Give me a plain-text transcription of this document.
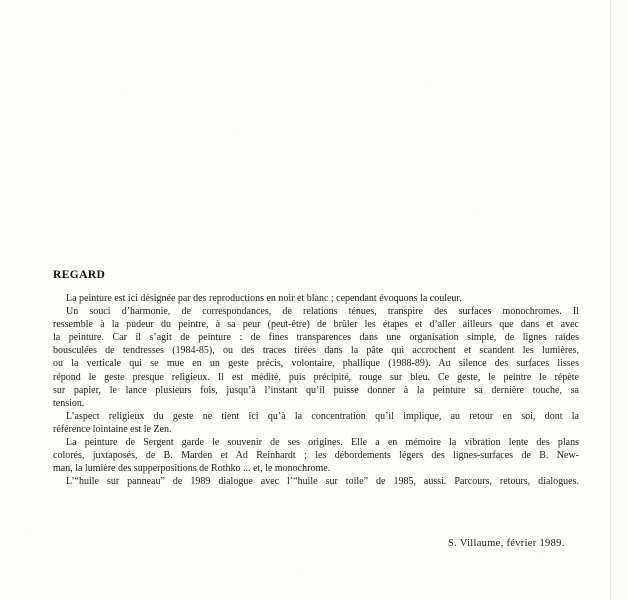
REGARD
La peinture est ici désignée par des reproductions en noir et blanc ; cependant évoquons la couleur.
Un souci d’harmonie, de correspondances, de relations ténues, transpire des surfaces monochromes. Il
ressemble à la pudeur du peintre, à sa peur (peut-être) de brûler les étapes et d’aller ailleurs que dans et avec
la peinture. Car il s’agit de peinture : de fines transparences dans une organisation simple, de lignes raides
bousculées de tendresses (1984-85), ou des traces tirées dans la pâte qui accrochent et scandent les lumières,
ou la verticale qui se mue en un geste précis, volontaire, phallique (1988-89). Au silence des surfaces lisses
répond le geste presque religieux. Il est médité, puis précipité, rouge sur bleu. Ce geste, le peintre le répète
sur papier, le lance plusieurs fois, jusqu’à l’instant qu’il puisse donner à la peinture sa dernière touche, sa
tension.
L’aspect religieux du geste ne tient ici qu’à la concentration qu’il implique, au retour en soi, dont la
référence lointaine est le Zen.
La peinture de Sergent garde le souvenir de ses origines. Elle a en mémoire la vibration lente des plans
colorés, juxtaposés, de B. Marden et Ad Reinhardt ; les débordements légers des lignes-surfaces de B. New-
man, la lumière des supperpositions de Rothko ... et, le monochrome.
L’“huile sur panneau” de 1989 dialogue avec l’“huile sur toile” de 1985, aussi. Parcours, retours, dialogues.
S. Villaume, février 1989.
